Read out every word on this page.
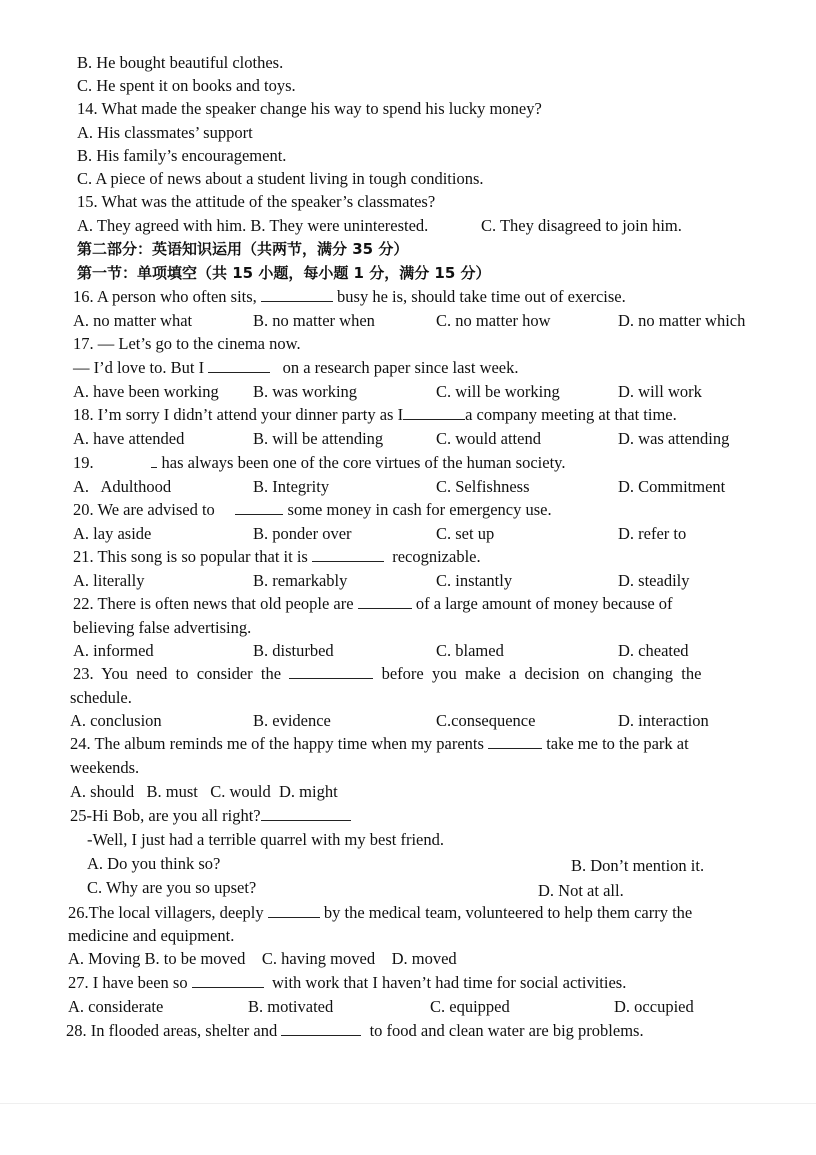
B. He bought beautiful clothes.
C. He spent it on books and toys.
14. What made the speaker change his way to spend his lucky money?
A. His classmates’ support
B. His family’s encouragement.
C. A piece of news about a student living in tough conditions.
15. What was the attitude of the speaker’s classmates?
A. They agreed with him. B. They were uninterested.	C. They disagreed to join him.
第二部分：英语知识运用（共两节，满分 35 分）
第一节：单项填空（共 15 小题，每小题 1 分，满分 15 分）
16. A person who often sits,	busy he is, should take time out of exercise.
A. no matter what	B. no matter when	C. no matter how	D. no matter which
17. — Let’s go to the cinema now.
— I’d love to. But I	on a research paper since last week.
A. have been working B. was working	C. will be working	D. will work
18. I’m sorry I didn’t attend your dinner party as I	a company meeting at that time.
A. have attended	B. will be attending	C. would attend	D. was attending
19.	has always been one of the core virtues of the human society.
A.   Adulthood	B. Integrity	C. Selfishness	D. Commitment
20. We are advised to	some money in cash for emergency use.
A. lay aside	B. ponder over	C. set up	D. refer to
21. This song is so popular that it is	recognizable.
A. literally	B. remarkably	C. instantly	D. steadily
22. There is often news that old people are	of a large amount of money because of
believing false advertising.
A. informed	B. disturbed	C. blamed	D. cheated
23.  You  need  to  consider  the	before  you  make  a  decision  on  changing  the
schedule.
A. conclusion	B. evidence	C.consequence	D. interaction
24. The album reminds me of the happy time when my parents	take me to the park at
weekends.
A. should   B. must   C. would  D. might
25-Hi Bob, are you all right?
-Well, I just had a terrible quarrel with my best friend.
A. Do you think so?	B. Don’t mention it.
C. Why are you so upset?	D. Not at all.
26.The local villagers, deeply	by the medical team, volunteered to help them carry the
medicine and equipment.
A. Moving B. to be moved    C. having moved    D. moved
27. I have been so	with work that I haven’t had time for social activities.
A. considerate	B. motivated	C. equipped	D. occupied
28. In flooded areas, shelter and	to food and clean water are big problems.
